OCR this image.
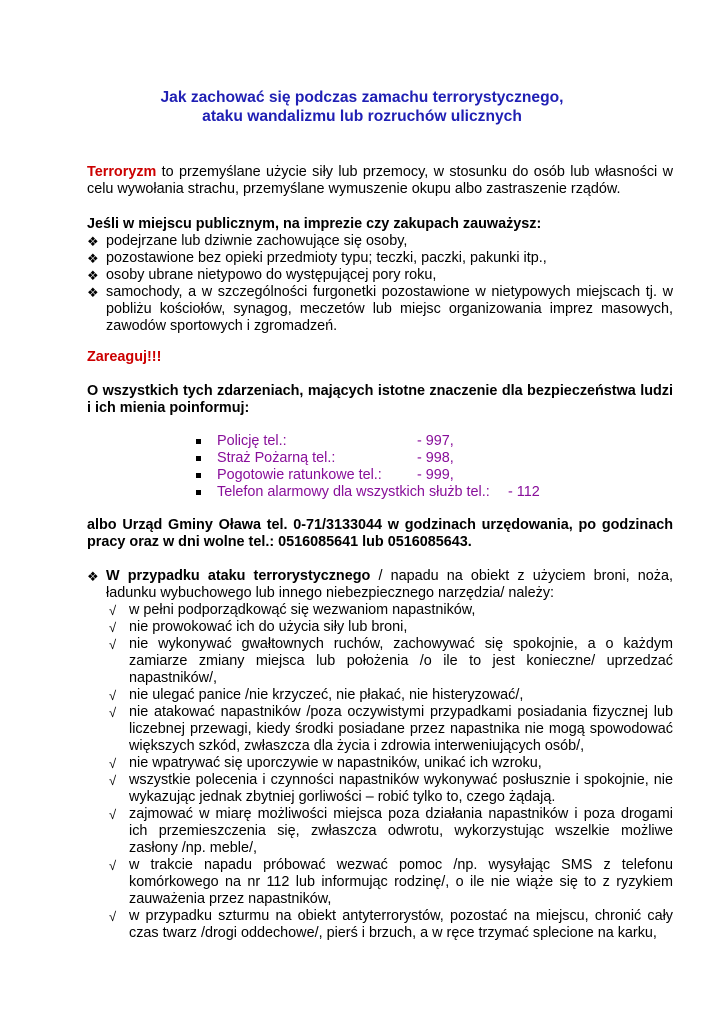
Jak zachować się podczas zamachu terrorystycznego,
ataku wandalizmu lub rozruchów ulicznych
Terroryzm to przemyślane użycie siły lub przemocy, w stosunku do osób lub własności w celu wywołania strachu, przemyślane wymuszenie okupu albo zastraszenie rządów.
Jeśli w miejscu publicznym, na imprezie czy zakupach zauważysz:
❖ podejrzane lub dziwnie zachowujące się osoby,
❖ pozostawione bez opieki przedmioty typu; teczki, paczki, pakunki itp.,
❖ osoby ubrane nietypowo do występującej pory roku,
❖ samochody, a w szczególności furgonetki pozostawione w nietypowych miejscach tj. w pobliżu kościołów, synagog, meczetów lub miejsc organizowania imprez masowych, zawodów sportowych i zgromadzeń.
Zareaguj!!!
O wszystkich tych zdarzeniach, mających istotne znaczenie dla bezpieczeństwa ludzi i ich mienia poinformuj:
Policję tel.:	- 997,
Straż Pożarną tel.:	- 998,
Pogotowie ratunkowe tel.: - 999,
Telefon alarmowy dla wszystkich służb tel.: - 112
albo Urząd Gminy Oława tel. 0-71/3133044 w godzinach urzędowania, po godzinach pracy oraz w dni wolne tel.: 0516085641 lub 0516085643.
❖ W przypadku ataku terrorystycznego / napadu na obiekt z użyciem broni, noża, ładunku wybuchowego lub innego niebezpiecznego narzędzia/ należy:
√ w pełni podporządkowąć się wezwaniom napastników,
√ nie prowokować ich do użycia siły lub broni,
√ nie wykonywać gwałtownych ruchów, zachowywać się spokojnie, a o każdym zamiarze zmiany miejsca lub położenia /o ile to jest konieczne/ uprzedzać napastników/,
√ nie ulegać panice /nie krzyczeć, nie płakać, nie histeryzować/,
√ nie atakować napastników /poza oczywistymi przypadkami posiadania fizycznej lub liczebnej przewagi, kiedy środki posiadane przez napastnika nie mogą spowodować większych szkód, zwłaszcza dla życia i zdrowia interweniujących osób/,
√ nie wpatrywać się uporczywie w napastników, unikać ich wzroku,
√ wszystkie polecenia i czynności napastników wykonywać posłusznie i spokojnie, nie wykazując jednak zbytniej gorliwości – robić tylko to, czego żądają.
√ zajmować w miarę możliwości miejsca poza działania napastników i poza drogami ich przemieszczenia się, zwłaszcza odwrotu, wykorzystując wszelkie możliwe zasłony /np. meble/,
√ w trakcie napadu próbować wezwać pomoc /np. wysyłając SMS z telefonu komórkowego na nr 112 lub informując rodzinę/, o ile nie wiąże się to z ryzykiem zauważenia przez napastników,
√ w przypadku szturmu na obiekt antyterrorystów, pozostać na miejscu, chronić cały czas twarz /drogi oddechowe/, pierś i brzuch, a w ręce trzymać splecione na karku,
